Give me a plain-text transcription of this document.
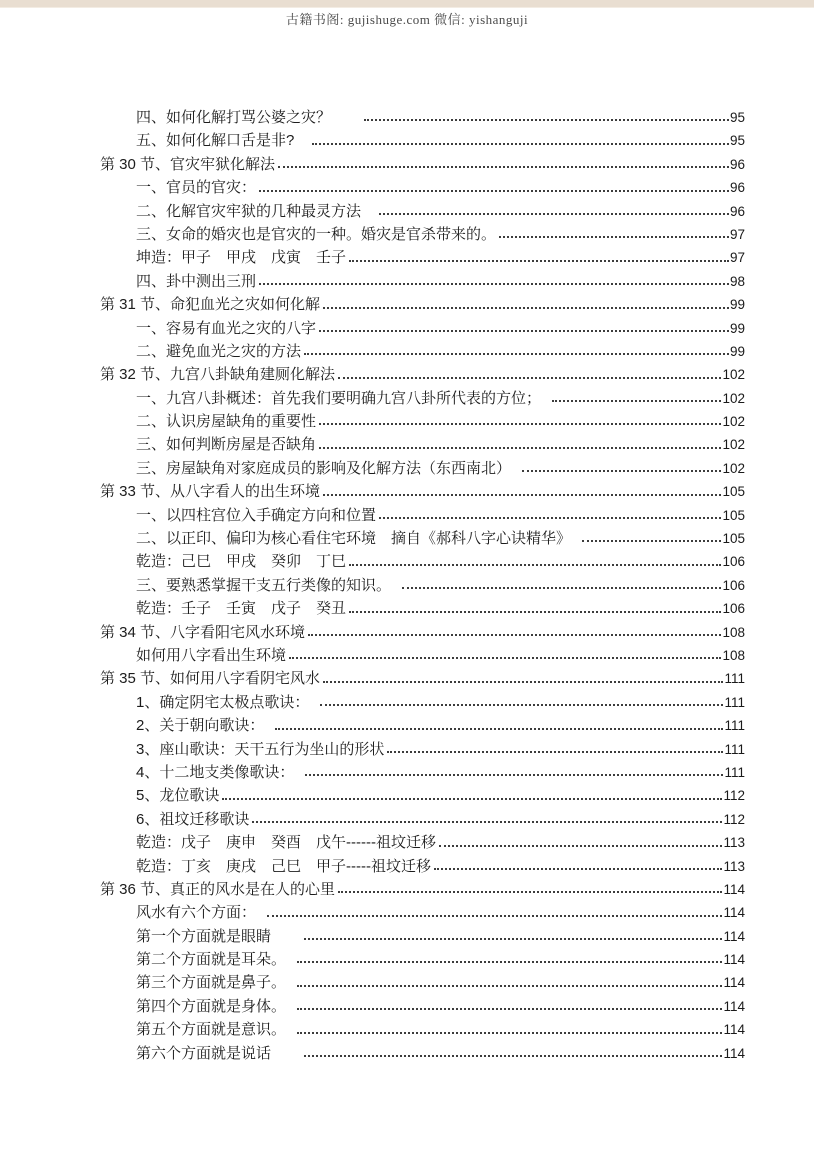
古籍书阁: gujishuge.com 微信: yishanguji
四、如何化解打骂公婆之灾？　　	95
五、如何化解口舌是非?　	95
第 30 节、官灾牢狱化解法	96
一、官员的官灾：	96
二、化解官灾牢狱的几种最灵方法　	96
三、女命的婚灾也是官灾的一种。婚灾是官杀带来的。	97
坤造：甲子　甲戌　戊寅　壬子	97
四、卦中测出三刑	98
第 31 节、命犯血光之灾如何化解	99
一、容易有血光之灾的八字	99
二、避免血光之灾的方法	99
第 32 节、九宫八卦缺角建厕化解法	102
一、九宫八卦概述：首先我们要明确九宫八卦所代表的方位；　	102
二、认识房屋缺角的重要性	102
三、如何判断房屋是否缺角	102
三、房屋缺角对家庭成员的影响及化解方法（东西南北）　	102
第 33 节、从八字看人的出生环境	105
一、以四柱宫位入手确定方向和位置	105
二、以正印、偏印为核心看住宅环境　摘自《郝科八字心诀精华》　	105
乾造：己巳　甲戌　癸卯　丁巳	106
三、要熟悉掌握干支五行类像的知识。　	106
乾造：壬子　壬寅　戊子　癸丑	106
第 34 节、八字看阳宅风水环境	108
如何用八字看出生环境	108
第 35 节、如何用八字看阴宅风水	111
1、确定阴宅太极点歌诀：　	111
2、关于朝向歌诀：　	111
3、座山歌诀：天干五行为坐山的形状	111
4、十二地支类像歌诀：　	111
5、龙位歌诀	112
6、祖坟迁移歌诀	112
乾造：戊子　庚申　癸酉　戊午------祖坟迁移	113
乾造：丁亥　庚戌　己巳　甲子-----祖坟迁移	113
第 36 节、真正的风水是在人的心里	114
风水有六个方面：　	114
第一个方面就是眼睛　　	114
第二个方面就是耳朵。　	114
第三个方面就是鼻子。　	114
第四个方面就是身体。　	114
第五个方面就是意识。　	114
第六个方面就是说话　　	114
